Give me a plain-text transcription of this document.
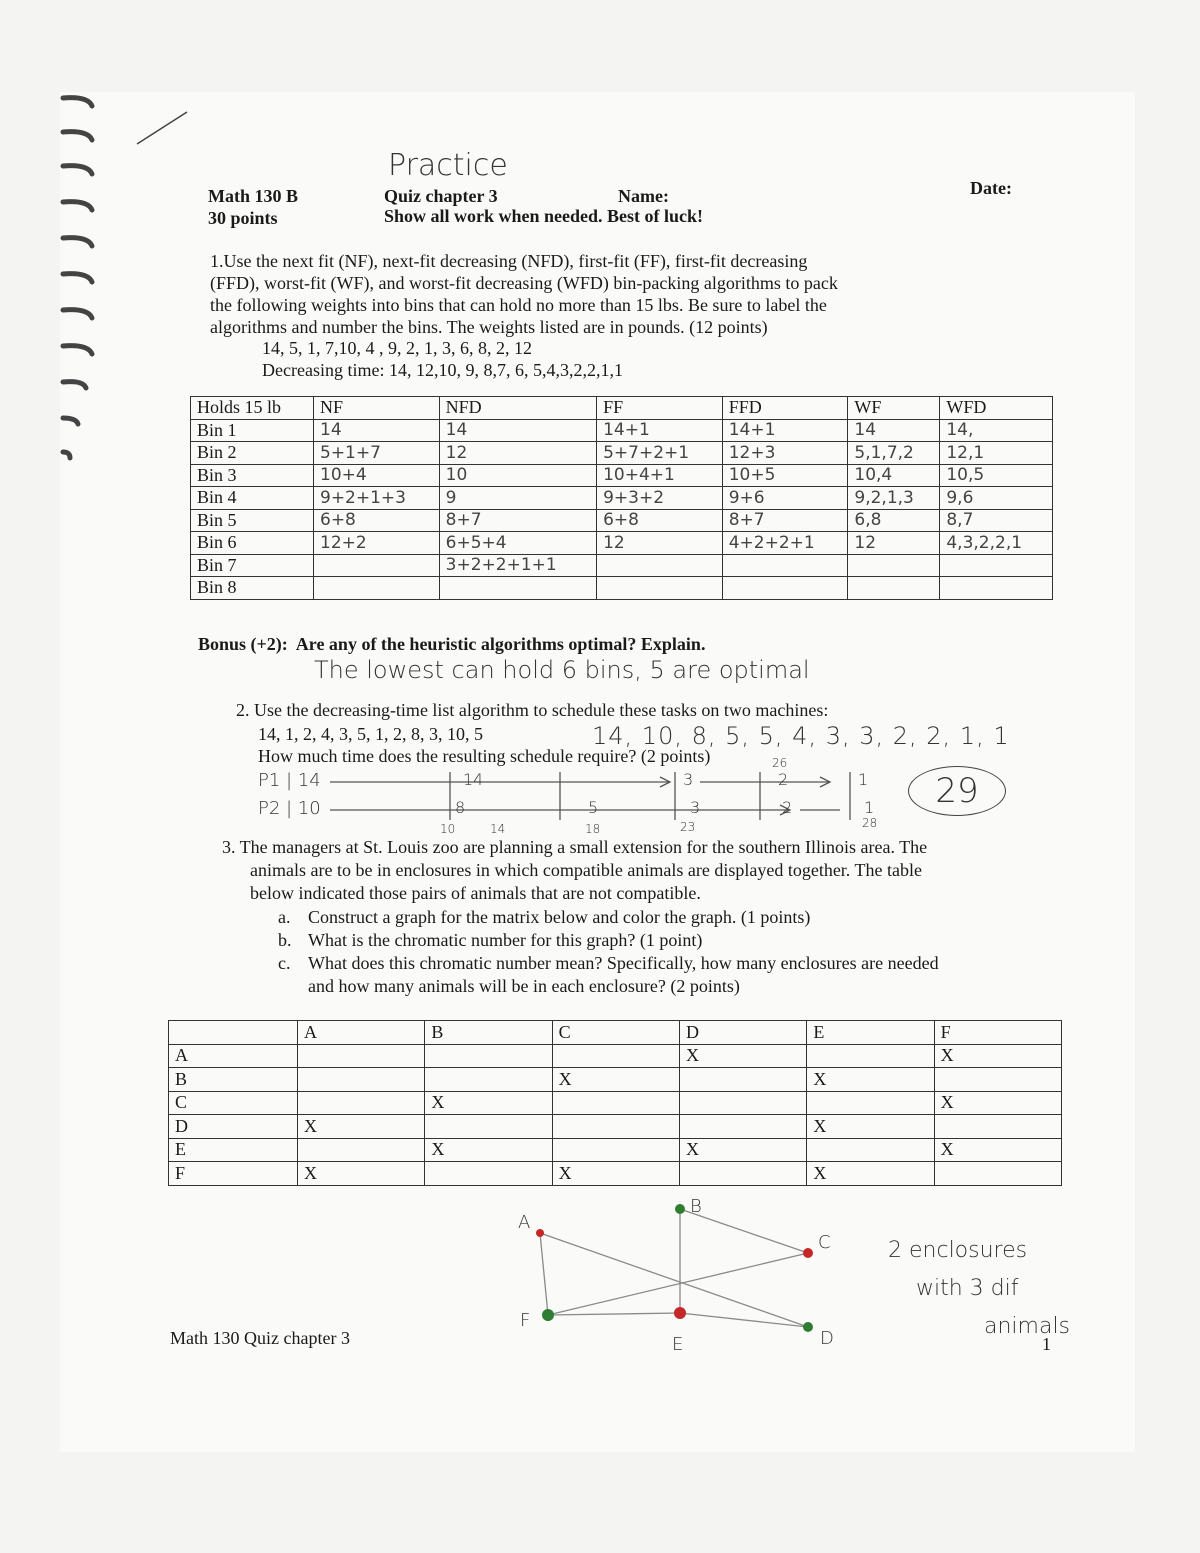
Practice
Math 130 B
30 points
Quiz chapter 3	Name:
Show all work when needed. Best of luck!
Date:
1.Use the next fit (NF), next-fit decreasing (NFD), first-fit (FF), first-fit decreasing
(FFD), worst-fit (WF), and worst-fit decreasing (WFD) bin-packing algorithms to pack
the following weights into bins that can hold no more than 15 lbs. Be sure to label the
algorithms and number the bins. The weights listed are in pounds. (12 points)
14, 5, 1, 7,10, 4 , 9, 2, 1, 3, 6, 8, 2, 12
Decreasing time: 14, 12,10, 9, 8,7, 6, 5,4,3,2,2,1,1
Holds 15 lb	NF	NFD	FF	FFD	WF	WFD
Bin 1	14	14	14+1	14+1	14	14,
Bin 2	5+1+7	12	5+7+2+1	12+3	5,1,7,2	12,1
Bin 3	10+4	10	10+4+1	10+5	10,4	10,5
Bin 4	9+2+1+3	9	9+3+2	9+6	9,2,1,3	9,6
Bin 5	6+8	8+7	6+8	8+7	6,8	8,7
Bin 6	12+2	6+5+4	12	4+2+2+1	12	4,3,2,2,1
Bin 7		3+2+2+1+1				
Bin 8						
Bonus (+2):  Are any of the heuristic algorithms optimal? Explain.
The lowest can hold 6 bins, 5 are optimal
2. Use the decreasing-time list algorithm to schedule these tasks on two machines:
14, 1, 2, 4, 3, 5, 1, 2, 8, 3, 10, 5	14, 10, 8, 5, 5, 4, 3, 3, 2, 2, 1, 1
How much time does the resulting schedule require? (2 points)
P1 | 14
P2 | 10
14	3	2	1
8	5	3	2	1
10	14	18	23
26
28
29
3. The managers at St. Louis zoo are planning a small extension for the southern Illinois area. The
animals are to be in enclosures in which compatible animals are displayed together. The table
below indicated those pairs of animals that are not compatible.
a. Construct a graph for the matrix below and color the graph. (1 points)
b. What is the chromatic number for this graph? (1 point)
c. What does this chromatic number mean? Specifically, how many enclosures are needed
and how many animals will be in each enclosure? (2 points)
	A	B	C	D	E	F
A				X		X
B			X		X	
C		X				X
D	X				X	
E		X		X		X
F	X		X		X	
A
B
C
D
E
F
2 enclosures
with 3 dif
animals
Math 130 Quiz chapter 3	1
